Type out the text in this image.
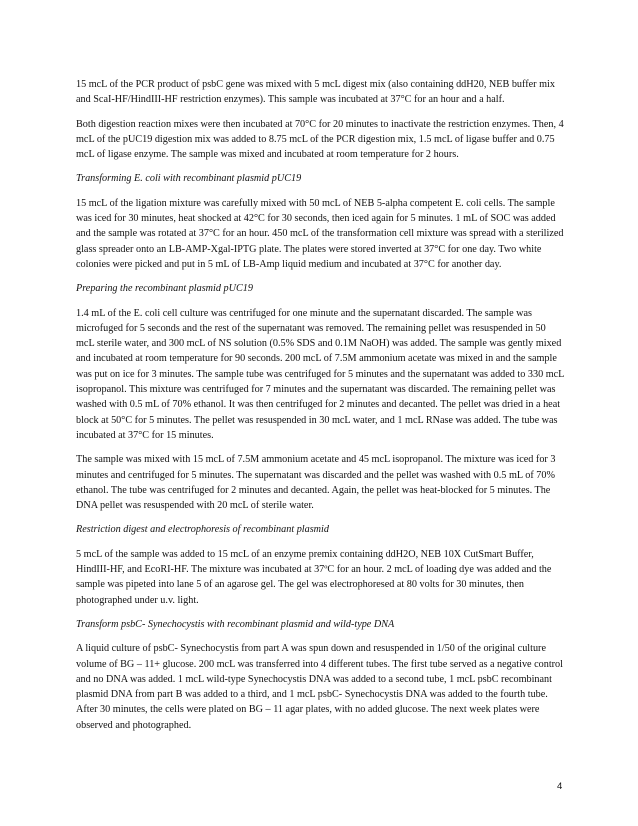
15 mcL of the PCR product of psbC gene was mixed with 5 mcL digest mix (also containing ddH20, NEB buffer mix and ScaI-HF/HindIII-HF restriction enzymes). This sample was incubated at 37°C for an hour and a half.

Both digestion reaction mixes were then incubated at 70°C for 20 minutes to inactivate the restriction enzymes. Then, 4 mcL of the pUC19 digestion mix was added to 8.75 mcL of the PCR digestion mix, 1.5 mcL of ligase buffer and 0.75 mcL of ligase enzyme. The sample was mixed and incubated at room temperature for 2 hours.

Transforming E. coli with recombinant plasmid pUC19

15 mcL of the ligation mixture was carefully mixed with 50 mcL of NEB 5-alpha competent E. coli cells. The sample was iced for 30 minutes, heat shocked at 42°C for 30 seconds, then iced again for 5 minutes. 1 mL of SOC was added and the sample was rotated at 37°C for an hour. 450 mcL of the transformation cell mixture was spread with a sterilized glass spreader onto an LB-AMP-Xgal-IPTG plate. The plates were stored inverted at 37°C for one day. Two white colonies were picked and put in 5 mL of LB-Amp liquid medium and incubated at 37°C for another day.

Preparing the recombinant plasmid pUC19

1.4 mL of the E. coli cell culture was centrifuged for one minute and the supernatant discarded. The sample was microfuged for 5 seconds and the rest of the supernatant was removed. The remaining pellet was resuspended in 50 mcL sterile water, and 300 mcL of NS solution (0.5% SDS and 0.1M NaOH) was added. The sample was gently mixed and incubated at room temperature for 90 seconds. 200 mcL of 7.5M ammonium acetate was mixed in and the sample was put on ice for 3 minutes. The sample tube was centrifuged for 5 minutes and the supernatant was added to 330 mcL isopropanol. This mixture was centrifuged for 7 minutes and the supernatant was discarded. The remaining pellet was washed with 0.5 mL of 70% ethanol. It was then centrifuged for 2 minutes and decanted. The pellet was dried in a heat block at 50°C for 5 minutes. The pellet was resuspended in 30 mcL water, and 1 mcL RNase was added. The tube was incubated at 37°C for 15 minutes.

The sample was mixed with 15 mcL of 7.5M ammonium acetate and 45 mcL isopropanol. The mixture was iced for 3 minutes and centrifuged for 5 minutes. The supernatant was discarded and the pellet was washed with 0.5 mL of 70% ethanol. The tube was centrifuged for 2 minutes and decanted. Again, the pellet was heat-blocked for 5 minutes. The DNA pellet was resuspended with 20 mcL of sterile water.

Restriction digest and electrophoresis of recombinant plasmid

5 mcL of the sample was added to 15 mcL of an enzyme premix containing ddH2O, NEB 10X CutSmart Buffer, HindIII-HF, and EcoRI-HF. The mixture was incubated at 37ºC for an hour. 2 mcL of loading dye was added and the sample was pipeted into lane 5 of an agarose gel. The gel was electrophoresed at 80 volts for 30 minutes, then photographed under u.v. light.

Transform psbC- Synechocystis with recombinant plasmid and wild-type DNA

A liquid culture of psbC- Synechocystis from part A was spun down and resuspended in 1/50 of the original culture volume of BG – 11+ glucose. 200 mcL was transferred into 4 different tubes. The first tube served as a negative control and no DNA was added. 1 mcL wild-type Synechocystis DNA was added to a second tube, 1 mcL psbC recombinant plasmid DNA from part B was added to a third, and 1 mcL psbC- Synechocystis DNA was added to the fourth tube. After 30 minutes, the cells were plated on BG – 11 agar plates, with no added glucose. The next week plates were observed and photographed.

4
